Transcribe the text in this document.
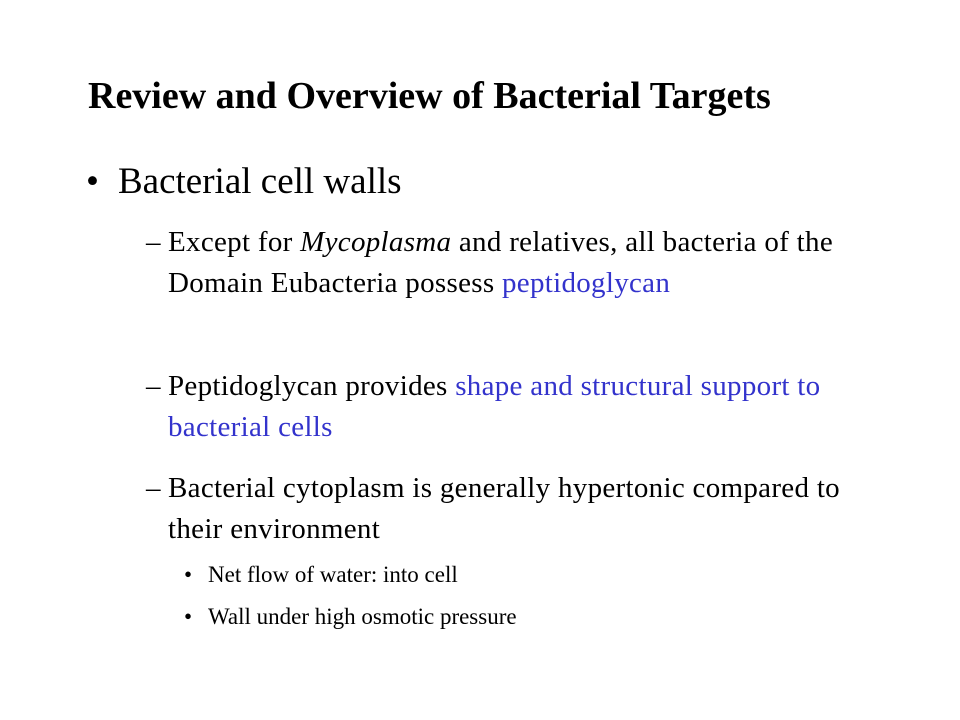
Review and Overview of Bacterial Targets
• Bacterial cell walls
– Except for Mycoplasma and relatives, all bacteria of the Domain Eubacteria possess peptidoglycan
– Peptidoglycan provides shape and structural support to bacterial cells
– Bacterial cytoplasm is generally hypertonic compared to their environment
• Net flow of water: into cell
• Wall under high osmotic pressure
